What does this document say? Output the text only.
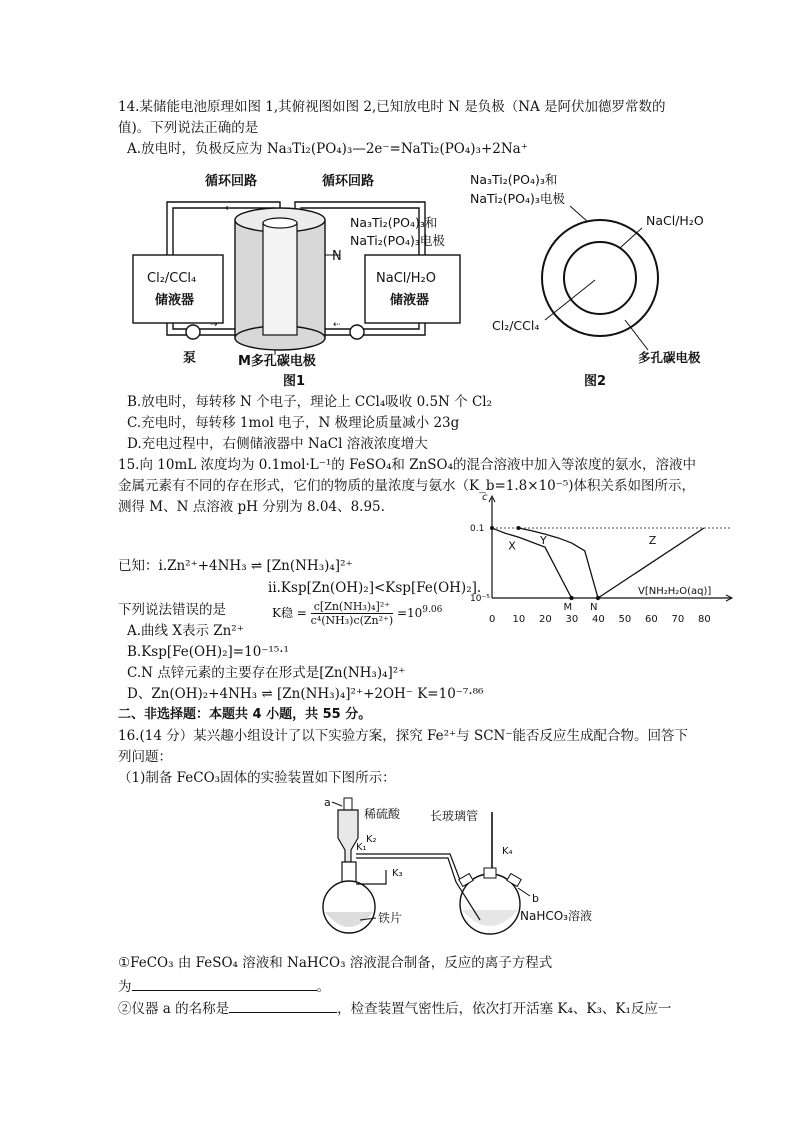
14.某储能电池原理如图 1,其俯视图如图 2,已知放电时 N 是负极（NA 是阿伏加德罗常数的
值)。下列说法正确的是
A.放电时，负极反应为 Na₃Ti₂(PO₄)₃—2e⁻=NaTi₂(PO₄)₃+2Na⁺
循环回路	循环回路
⇠
Cl₂/CCl₄
储液器
NaCl/H₂O
储液器
⇢	⇠
Na₃Ti₂(PO₄)₃和
NaTi₂(PO₄)₃电极
N
泵	M多孔碳电极
图1
Na₃Ti₂(PO₄)₃和
NaTi₂(PO₄)₃电极
NaCl/H₂O
Cl₂/CCl₄
多孔碳电极
图2
B.放电时，每转移 N 个电子，理论上 CCl₄吸收 0.5N 个 Cl₂
C.充电时，每转移 1mol 电子，N 极理论质量减小 23g
D.充电过程中，右侧储液器中 NaCl 溶液浓度增大
15.向 10mL 浓度均为 0.1mol·L⁻¹的 FeSO₄和 ZnSO₄的混合溶液中加入等浓度的氨水，溶液中
金属元素有不同的存在形式，它们的物质的量浓度与氨水（K_b=1.8×10⁻⁵)体积关系如图所示，
测得 M、N 点溶液 pH 分别为 8.04、8.95.
已知：i.Zn²⁺+4NH₃ ⇌ [Zn(NH₃)₄]²⁺
ii.Ksp[Zn(OH)₂]<Ksp[Fe(OH)₂].
下列说法错误的是	K稳 = $\frac{\text{c[Zn(NH₃)₄]²⁺}}{\text{c⁴(NH₃)c(Zn²⁺)}} =10^{9.06}$
A.曲线 X表示 Zn²⁺
B.Ksp[Fe(OH)₂]=10⁻¹⁵·¹
C.N 点锌元素的主要存在形式是[Zn(NH₃)₄]²⁺
D、Zn(OH)₂+4NH₃ ⇌ [Zn(NH₃)₄]²⁺+2OH⁻ K=10⁻⁷·⁸⁶
c
V[NH₂H₂O(aq)]
0.1
10⁻⁵
0 10 20 30 40 50 60 70 80
X Y	Z
M N
二、非选择题：本题共 4 小题，共 55 分。
16.(14 分）某兴趣小组设计了以下实验方案，探究 Fe²⁺与 SCN⁻能否反应生成配合物。回答下
列问题：
（1)制备 FeCO₃固体的实验装置如下图所示：
a
稀硫酸
K₁
K₂
铁片
K₃
长玻璃管
K₄
b
NaHCO₃溶液
①FeCO₃ 由 FeSO₄ 溶液和 NaHCO₃ 溶液混合制备，反应的离子方程式
为	。
②仪器 a 的名称是	，检查装置气密性后，依次打开活塞 K₄、K₃、K₁反应一
